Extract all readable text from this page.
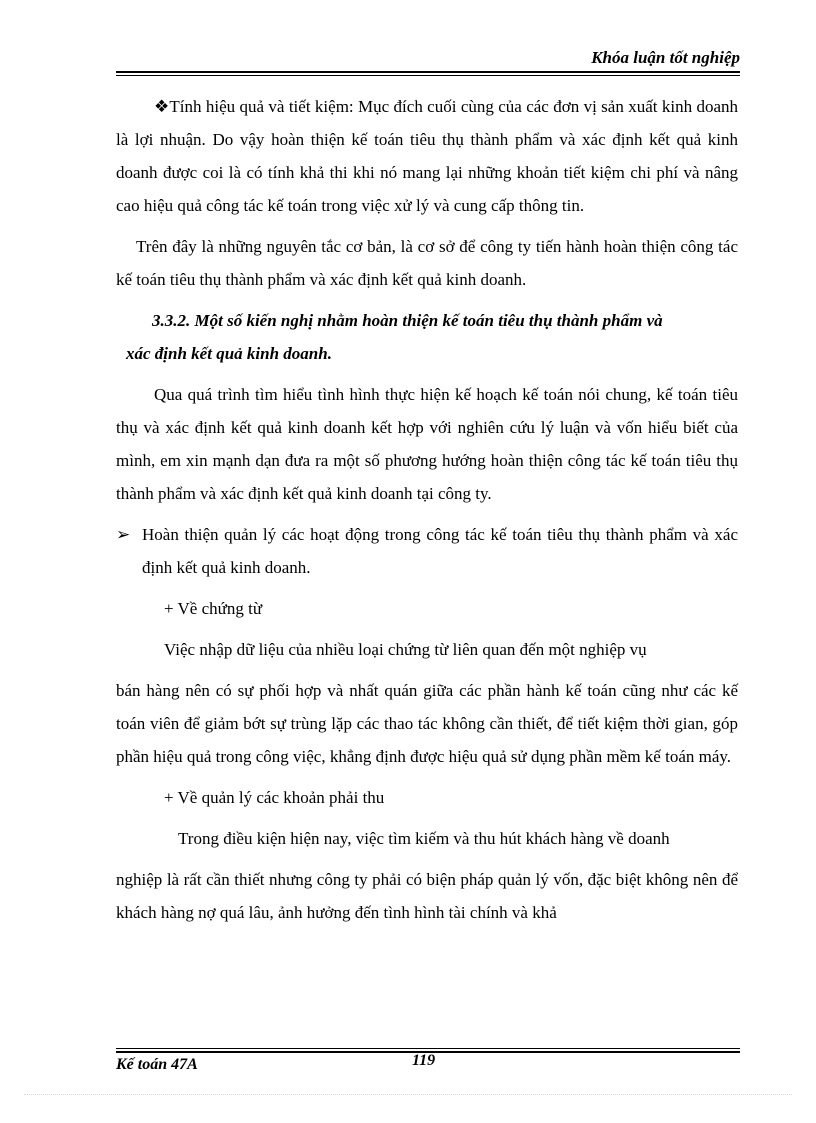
Khóa luận tốt nghiệp

❖Tính hiệu quả và tiết kiệm: Mục đích cuối cùng của các đơn vị sản xuất kinh doanh là lợi nhuận. Do vậy hoàn thiện kế toán tiêu thụ thành phẩm và xác định kết quả kinh doanh được coi là có tính khả thi khi nó mang lại những khoản tiết kiệm chi phí và nâng cao hiệu quả công tác kế toán trong việc xử lý và cung cấp thông tin.

Trên đây là những nguyên tắc cơ bản, là cơ sở để công ty tiến hành hoàn thiện công tác kế toán tiêu thụ thành phẩm và xác định kết quả kinh doanh.

3.3.2. Một số kiến nghị nhằm hoàn thiện kế toán tiêu thụ thành phẩm và

xác định kết quả kinh doanh.

Qua quá trình tìm hiểu tình hình thực hiện kế hoạch kế toán nói chung, kế toán tiêu thụ và xác định kết quả kinh doanh kết hợp với nghiên cứu lý luận và vốn hiểu biết của mình, em xin mạnh dạn đưa ra một số phương hướng hoàn thiện công tác kế toán tiêu thụ thành phẩm và xác định kết quả kinh doanh tại công ty.

➢ Hoàn thiện quản lý các hoạt động trong công tác kế toán tiêu thụ thành phẩm và xác định kết quả kinh doanh.

+ Về chứng từ

Việc nhập dữ liệu của nhiều loại chứng từ liên quan đến một nghiệp vụ

bán hàng nên có sự phối hợp và nhất quán giữa các phần hành kế toán cũng như các kế toán viên để giảm bớt sự trùng lặp các thao tác không cần thiết, để tiết kiệm thời gian, góp phần hiệu quả trong công việc, khẳng định được hiệu quả sử dụng phần mềm kế toán máy.

+ Về quản lý các khoản phải thu

Trong điều kiện hiện nay, việc tìm kiếm và thu hút khách hàng về doanh

nghiệp là rất cần thiết nhưng công ty phải có biện pháp quản lý vốn, đặc biệt không nên để khách hàng nợ quá lâu, ảnh hưởng đến tình hình tài chính và khả

Kế toán 47A	119
